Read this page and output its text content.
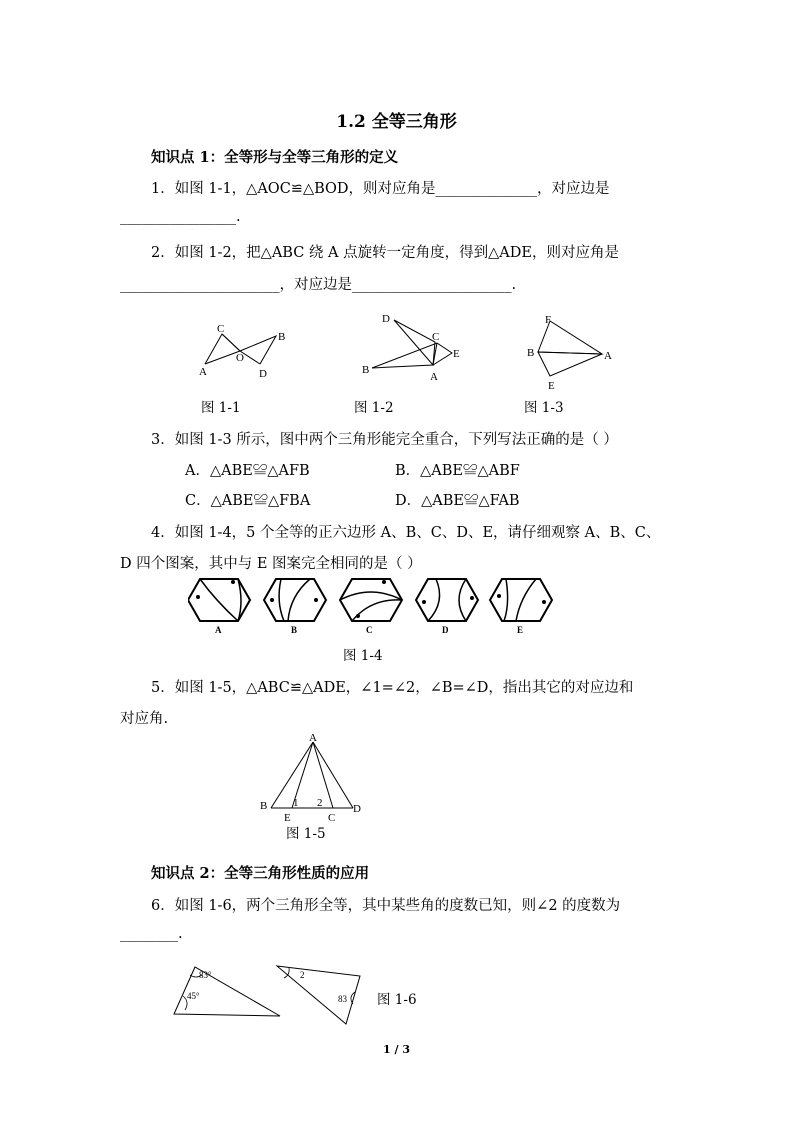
1.2 全等三角形
知识点 1：全等形与全等三角形的定义
1．如图 1-1，△AOC≌△BOD，则对应角是______________，对应边是
________________.
2．如图 1-2，把△ABC 绕 A 点旋转一定角度，得到△ADE，则对应角是
______________________，对应边是______________________.
C
B
O
A	D
图 1-1
D
C
E
B
A
图 1-2
F
B	A
E
图 1-3
3．如图 1-3 所示，图中两个三角形能完全重合，下列写法正确的是（ ）
A．△ABE≌△AFB	B．△ABE≌△ABF
C．△ABE≌△FBA	D．△ABE≌△FAB
4．如图 1-4，5 个全等的正六边形 A、B、C、D、E，请仔细观察 A、B、C、
D 四个图案，其中与 E 图案完全相同的是（ ）
A	B	C	D	E
图 1-4
5．如图 1-5，△ABC≌△ADE，∠1=∠2，∠B=∠D，指出其它的对应边和
对应角.
A
B 1 2	D
E	C
图 1-5
知识点 2：全等三角形性质的应用
6．如图 1-6，两个三角形全等，其中某些角的度数已知，则∠2 的度数为
________.
83°
45°
2
83 图 1-6
1 / 3
